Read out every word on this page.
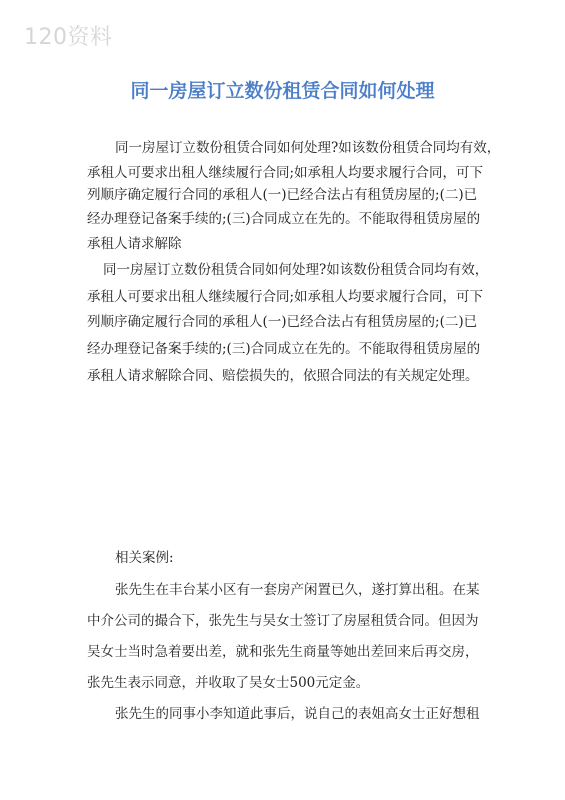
120资料
同一房屋订立数份租赁合同如何处理
同一房屋订立数份租赁合同如何处理?如该数份租赁合同均有效，
承租人可要求出租人继续履行合同;如承租人均要求履行合同，可下
列顺序确定履行合同的承租人(一)已经合法占有租赁房屋的;(二)已
经办理登记备案手续的;(三)合同成立在先的。不能取得租赁房屋的
承租人请求解除
同一房屋订立数份租赁合同如何处理?如该数份租赁合同均有效，
承租人可要求出租人继续履行合同;如承租人均要求履行合同，可下
列顺序确定履行合同的承租人(一)已经合法占有租赁房屋的;(二)已
经办理登记备案手续的;(三)合同成立在先的。不能取得租赁房屋的
承租人请求解除合同、赔偿损失的，依照合同法的有关规定处理。
相关案例:
张先生在丰台某小区有一套房产闲置已久，遂打算出租。在某
中介公司的撮合下，张先生与吴女士签订了房屋租赁合同。但因为
吴女士当时急着要出差，就和张先生商量等她出差回来后再交房，
张先生表示同意，并收取了吴女士500元定金。
张先生的同事小李知道此事后，说自己的表姐高女士正好想租
